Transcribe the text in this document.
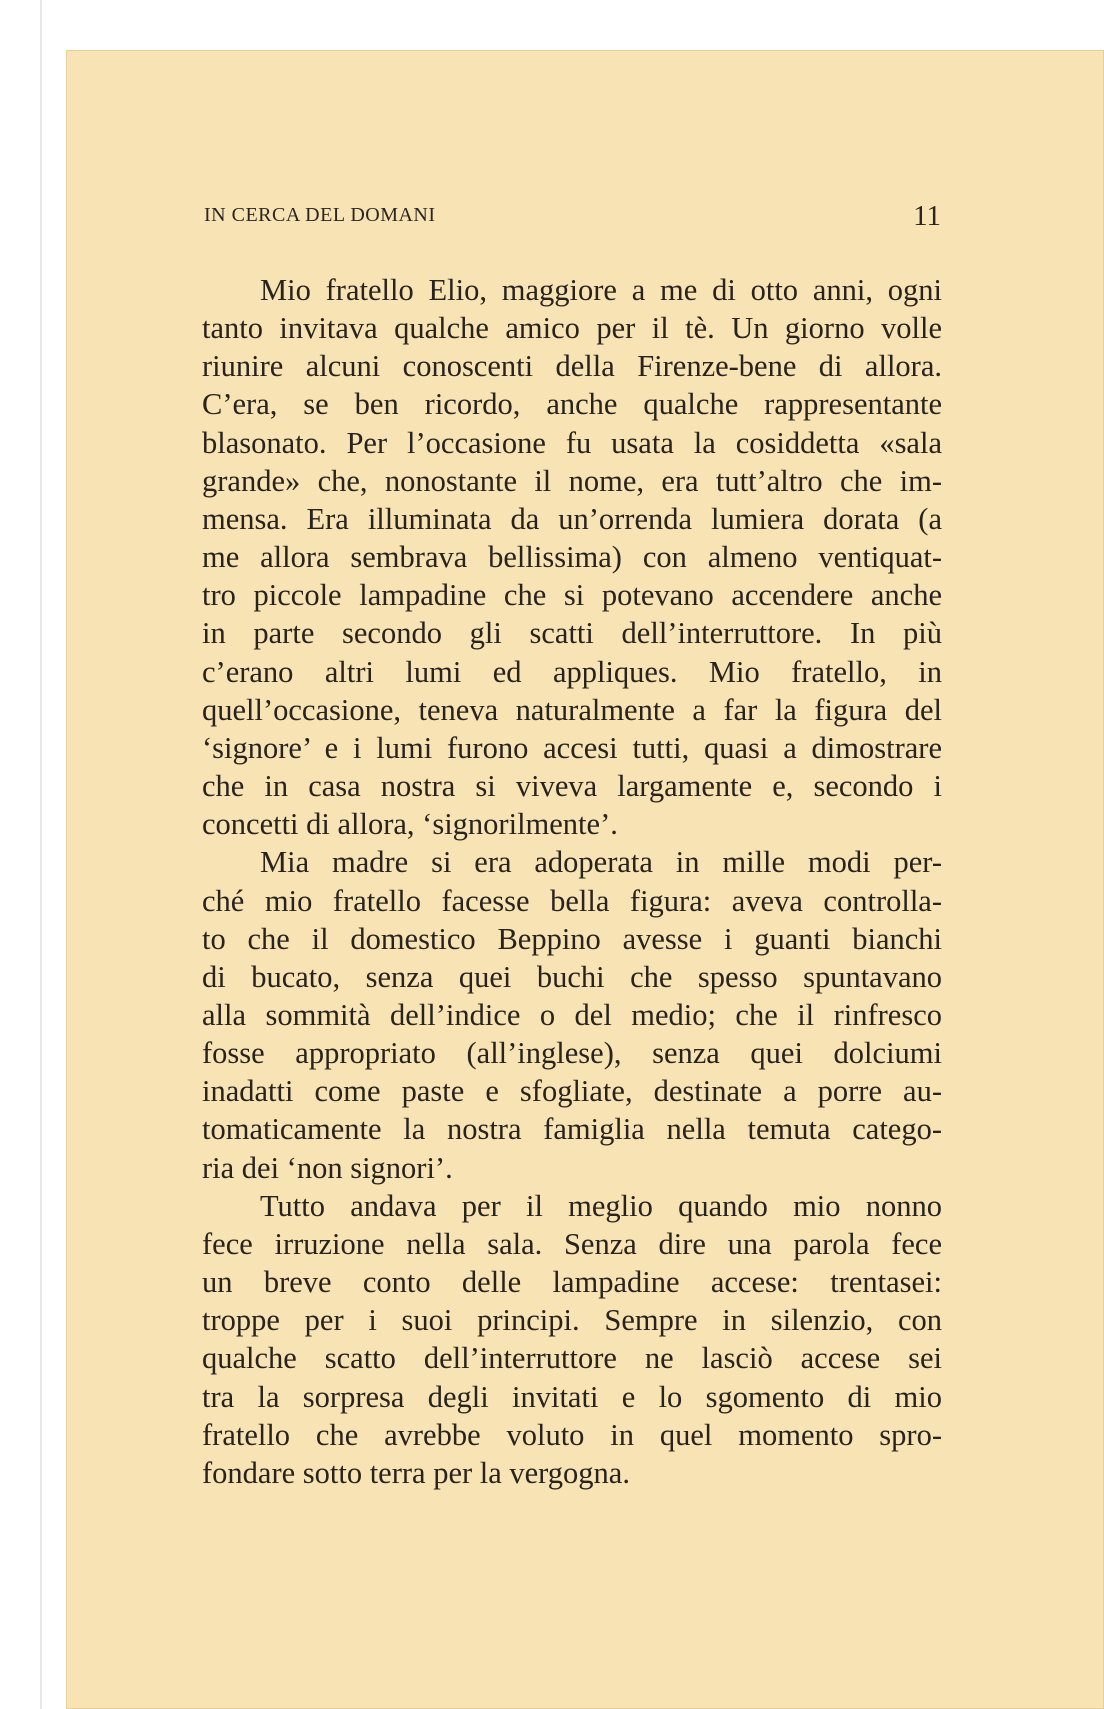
IN CERCA DEL DOMANI	11

Mio fratello Elio, maggiore a me di otto anni, ogni
tanto invitava qualche amico per il tè. Un giorno volle
riunire alcuni conoscenti della Firenze-bene di allora.
C’era, se ben ricordo, anche qualche rappresentante
blasonato. Per l’occasione fu usata la cosiddetta «sala
grande» che, nonostante il nome, era tutt’altro che im-
mensa. Era illuminata da un’orrenda lumiera dorata (a
me allora sembrava bellissima) con almeno ventiquat-
tro piccole lampadine che si potevano accendere anche
in parte secondo gli scatti dell’interruttore. In più
c’erano altri lumi ed appliques. Mio fratello, in
quell’occasione, teneva naturalmente a far la figura del
‘signore’ e i lumi furono accesi tutti, quasi a dimostrare
che in casa nostra si viveva largamente e, secondo i
concetti di allora, ‘signorilmente’.

Mia madre si era adoperata in mille modi per-
ché mio fratello facesse bella figura: aveva controlla-
to che il domestico Beppino avesse i guanti bianchi
di bucato, senza quei buchi che spesso spuntavano
alla sommità dell’indice o del medio; che il rinfresco
fosse appropriato (all’inglese), senza quei dolciumi
inadatti come paste e sfogliate, destinate a porre au-
tomaticamente la nostra famiglia nella temuta catego-
ria dei ‘non signori’.

Tutto andava per il meglio quando mio nonno
fece irruzione nella sala. Senza dire una parola fece
un breve conto delle lampadine accese: trentasei:
troppe per i suoi principi. Sempre in silenzio, con
qualche scatto dell’interruttore ne lasciò accese sei
tra la sorpresa degli invitati e lo sgomento di mio
fratello che avrebbe voluto in quel momento spro-
fondare sotto terra per la vergogna.
